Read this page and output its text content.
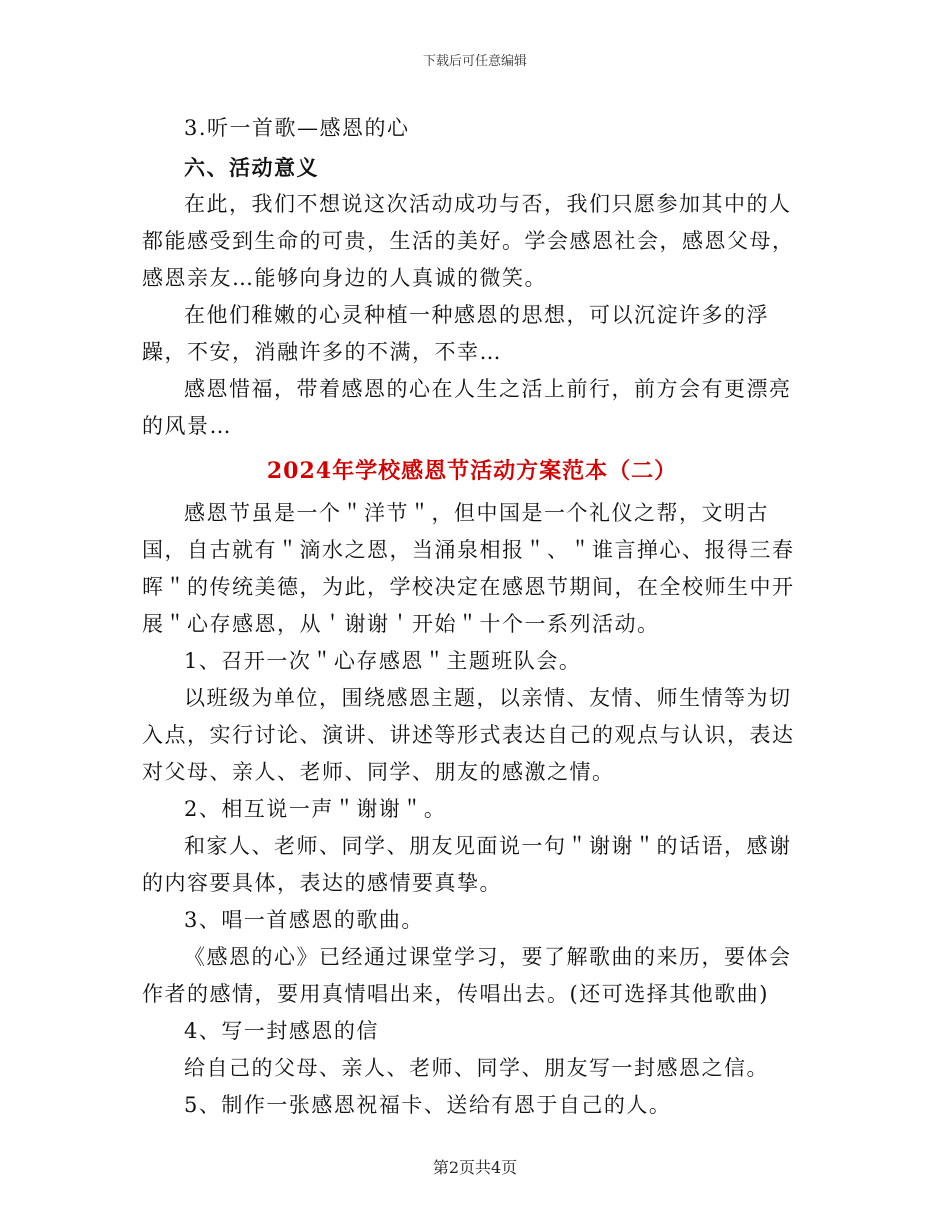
下载后可任意编辑

3.听一首歌—感恩的心

六、活动意义

在此，我们不想说这次活动成功与否，我们只愿参加其中的人都能感受到生命的可贵，生活的美好。学会感恩社会，感恩父母，感恩亲友…能够向身边的人真诚的微笑。

在他们稚嫩的心灵种植一种感恩的思想，可以沉淀许多的浮躁，不安，消融许多的不满，不幸…

感恩惜福，带着感恩的心在人生之活上前行，前方会有更漂亮的风景…

2024年学校感恩节活动方案范本（二）

感恩节虽是一个＂洋节＂，但中国是一个礼仪之帮，文明古国，自古就有＂滴水之恩，当涌泉相报＂、＂谁言掸心、报得三春晖＂的传统美德，为此，学校决定在感恩节期间，在全校师生中开展＂心存感恩，从＇谢谢＇开始＂十个一系列活动。

1、召开一次＂心存感恩＂主题班队会。

以班级为单位，围绕感恩主题，以亲情、友情、师生情等为切入点，实行讨论、演讲、讲述等形式表达自己的观点与认识，表达对父母、亲人、老师、同学、朋友的感激之情。

2、相互说一声＂谢谢＂。

和家人、老师、同学、朋友见面说一句＂谢谢＂的话语，感谢的内容要具体，表达的感情要真挚。

3、唱一首感恩的歌曲。

《感恩的心》已经通过课堂学习，要了解歌曲的来历，要体会作者的感情，要用真情唱出来，传唱出去。(还可选择其他歌曲)

4、写一封感恩的信

给自己的父母、亲人、老师、同学、朋友写一封感恩之信。

5、制作一张感恩祝福卡、送给有恩于自己的人。

第2页共4页
